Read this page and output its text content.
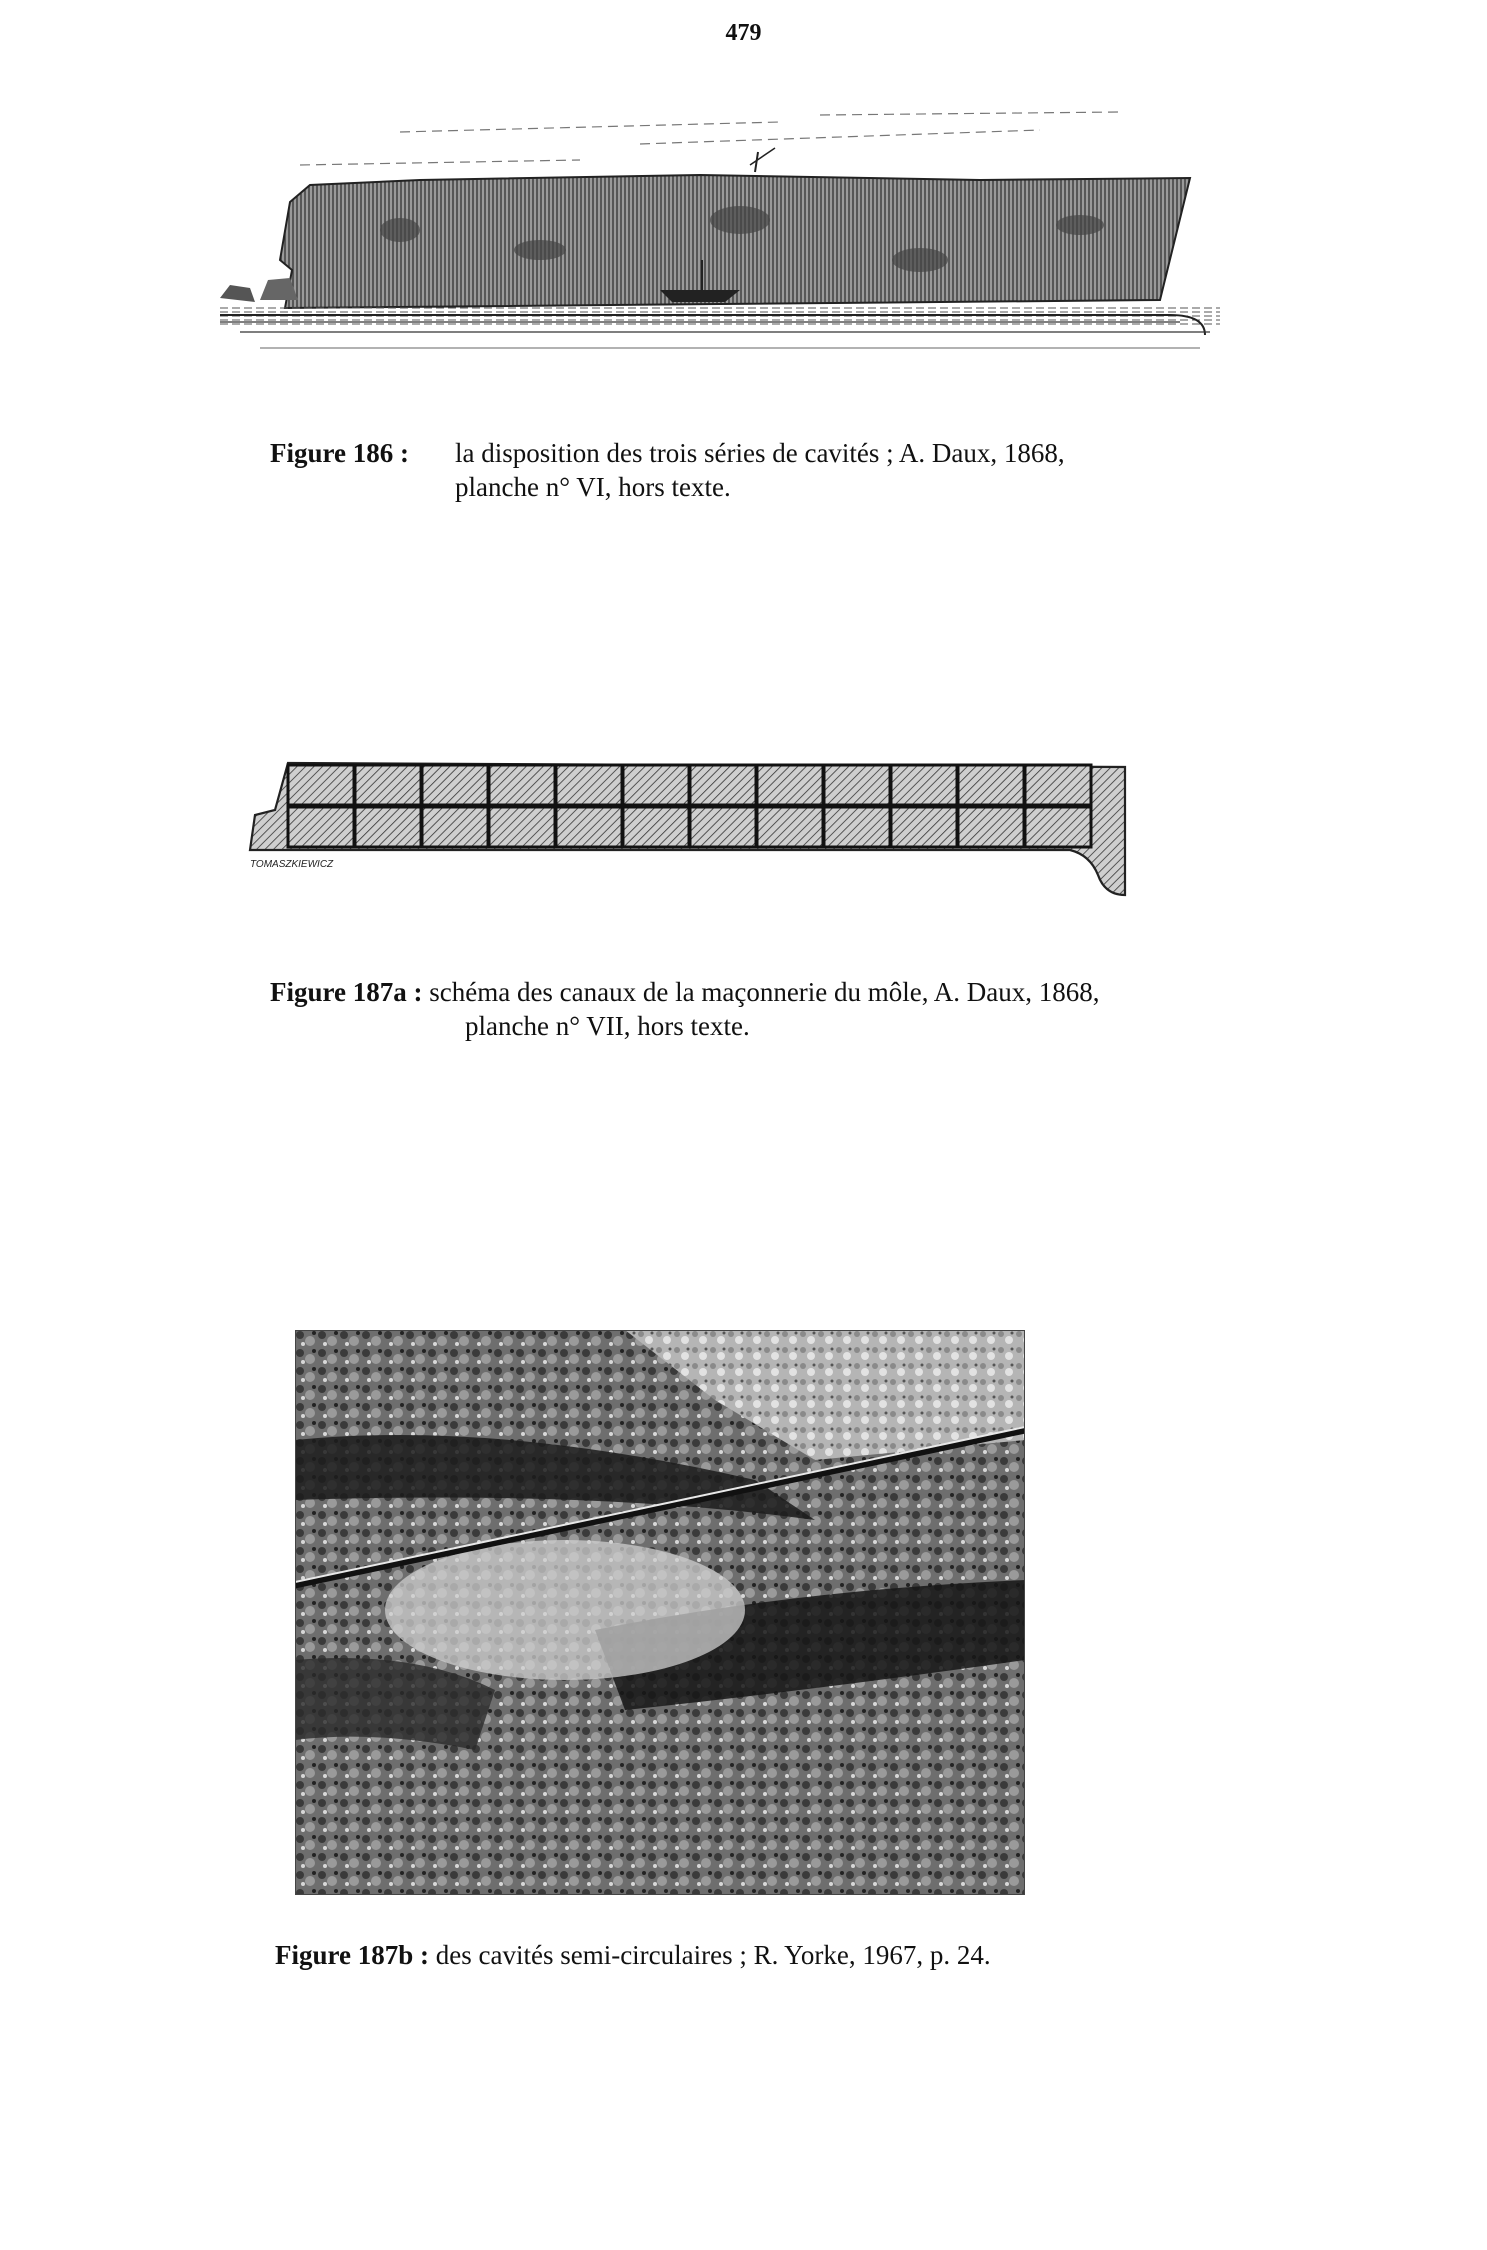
479
Figure 186 : la disposition des trois séries de cavités ; A. Daux, 1868,
planche n° VI, hors texte.
TOMASZKIEWICZ
Figure 187a : schéma des canaux de la maçonnerie du môle, A. Daux, 1868,
planche n° VII, hors texte.
Figure 187b : des cavités semi-circulaires ; R. Yorke, 1967, p. 24.
